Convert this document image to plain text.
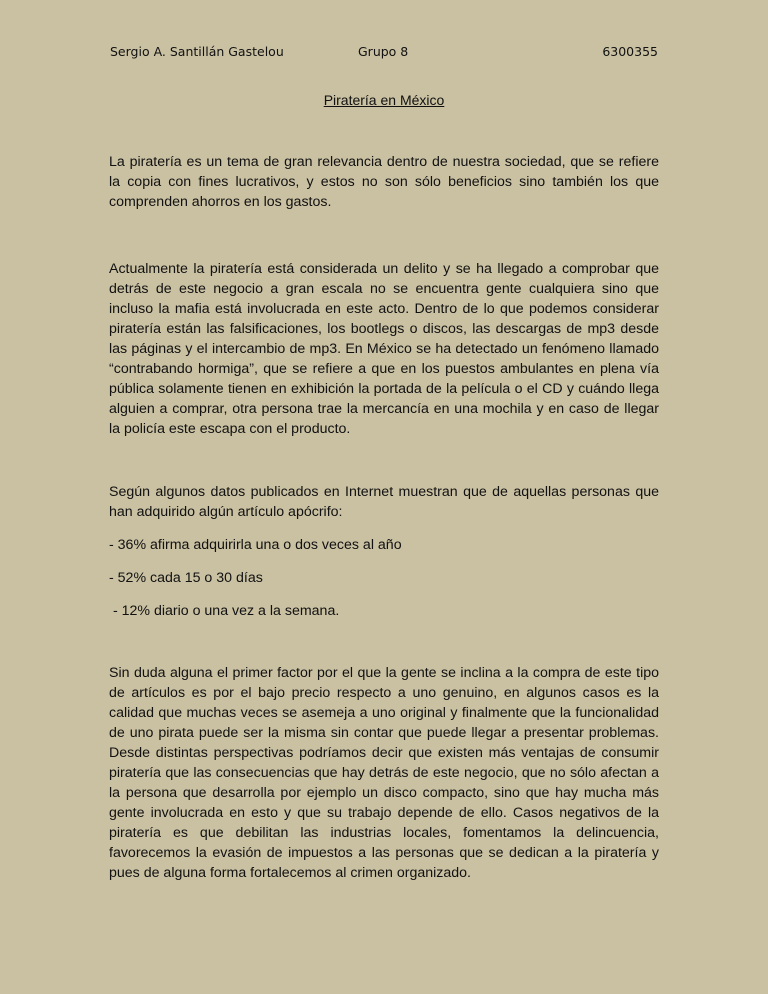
Sergio A. Santillán Gastelou	Grupo 8	6300355
Piratería en México

La piratería es un tema de gran relevancia dentro de nuestra sociedad, que se refiere la copia con fines lucrativos, y estos no son sólo beneficios sino también los que comprenden ahorros en los gastos.

Actualmente la piratería está considerada un delito y se ha llegado a comprobar que detrás de este negocio a gran escala no se encuentra gente cualquiera sino que incluso la mafia está involucrada en este acto. Dentro de lo que podemos considerar piratería están las falsificaciones, los bootlegs o discos, las descargas de mp3 desde las páginas y el intercambio de mp3. En México se ha detectado un fenómeno llamado “contrabando hormiga”, que se refiere a que en los puestos ambulantes en plena vía pública solamente tienen en exhibición la portada de la película o el CD y cuándo llega alguien a comprar, otra persona trae la mercancía en una mochila y en caso de llegar la policía este escapa con el producto.

Según algunos datos publicados en Internet muestran que de aquellas personas que han adquirido algún artículo apócrifo:

- 36% afirma adquirirla una o dos veces al año
- 52% cada 15 o 30 días
- 12% diario o una vez a la semana.

Sin duda alguna el primer factor por el que la gente se inclina a la compra de este tipo de artículos es por el bajo precio respecto a uno genuino, en algunos casos es la calidad que muchas veces se asemeja a uno original y finalmente que la funcionalidad de uno pirata puede ser la misma sin contar que puede llegar a presentar problemas. Desde distintas perspectivas podríamos decir que existen más ventajas de consumir piratería que las consecuencias que hay detrás de este negocio, que no sólo afectan a la persona que desarrolla por ejemplo un disco compacto, sino que hay mucha más gente involucrada en esto y que su trabajo depende de ello. Casos negativos de la piratería es que debilitan las industrias locales, fomentamos la delincuencia, favorecemos la evasión de impuestos a las personas que se dedican a la piratería y pues de alguna forma fortalecemos al crimen organizado.
